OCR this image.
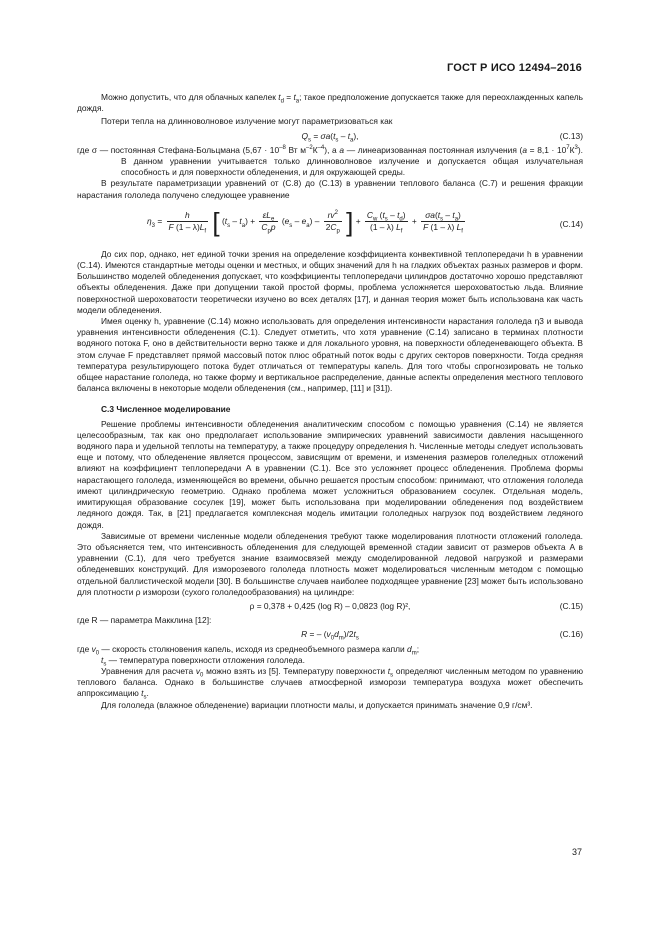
ГОСТ Р ИСО 12494–2016

Можно допустить, что для облачных капелек $t_d = t_a$; такое предположение допускается также для переохлажденных капель дождя.

Потери тепла на длинноволновое излучение могут параметризоваться как

$Q_s = \sigma a(t_s - t_a)$,	(C.13)

где σ — постоянная Стефана-Больцмана ($5,67 \cdot 10^{-8}$ Вт $м^{-2}К^{-4}$), а a — линеаризованная постоянная излучения $(a = 8,1 \cdot 10^7К^3)$. В данном уравнении учитывается только длинноволновое излучение и допускается общая излучательная способность и для поверхности обледенения, и для окружающей среды.

В результате параметризации уравнений от (C.8) до (C.13) в уравнении теплового баланса (C.7) и решения фракции нарастания гололеда получено следующее уравнение

$\eta_3 = \frac{h}{F (1 - \lambda)L_f}$ [ $(t_s - t_a) + \frac{\varepsilon L_e}{C_pp} (e_s - e_a) - \frac{rv^2}{2C_p}$ ] + $\frac{C_w (t_s - t_d)}{(1 - \lambda) L_f} + \frac{\sigma a(t_s - t_a)}{F (1 - \lambda) L_f}$	(C.14)

До сих пор, однако, нет единой точки зрения на определение коэффициента конвективной теплопередачи h в уравнении (C.14). Имеются стандартные методы оценки и местных, и общих значений для h на гладких объектах разных размеров и форм. Большинство моделей обледенения допускает, что коэффициенты теплопередачи цилиндров достаточно хорошо представляют объекты обледенения. Даже при допущении такой простой формы, проблема усложняется шероховатостью льда. Влияние поверхностной шероховатости теоретически изучено во всех деталях [17], и данная теория может быть использована как часть модели обледенения.

Имея оценку h, уравнение (C.14) можно использовать для определения интенсивности нарастания гололеда η3 и вывода уравнения интенсивности обледенения (C.1). Следует отметить, что хотя уравнение (C.14) записано в терминах плотности водяного потока F, оно в действительности верно также и для локального уровня, на поверхности обледеневающего объекта. В этом случае F представляет прямой массовый поток плюс обратный поток воды с других секторов поверхности. Тогда средняя температура результирующего потока будет отличаться от температуры капель. Для того чтобы спрогнозировать не только общее нарастание гололеда, но также форму и вертикальное распределение, данные аспекты определения местного теплового баланса включены в некоторые модели обледенения (см., например, [11] и [31]).

C.3 Численное моделирование

Решение проблемы интенсивности обледенения аналитическим способом с помощью уравнения (C.14) не является целесообразным, так как оно предполагает использование эмпирических уравнений зависимости давления насыщенного водяного пара и удельной теплоты на температуру, а также процедуру определения h. Численные методы следует использовать еще и потому, что обледенение является процессом, зависящим от времени, и изменения размеров голеледных отложений влияют на коэффициент теплопередачи A в уравнении (C.1). Все это усложняет процесс обледенения. Проблема формы нарастающего гололеда, изменяющейся во времени, обычно решается простым способом: принимают, что отложения гололеда имеют цилиндрическую геометрию. Однако проблема может усложниться образованием сосулек. Отдельная модель, имитирующая образование сосулек [19], может быть использована при моделировании обледенения под воздействием ледяного дождя. Так, в [21] предлагается комплексная модель имитации гололедных нагрузок под воздействием ледяного дождя.

Зависимые от времени численные модели обледенения требуют также моделирования плотности отложений гололеда. Это объясняется тем, что интенсивность обледенения для следующей временной стадии зависит от размеров объекта A в уравнении (C.1), для чего требуется знание взаимосвязей между смоделированной ледовой нагрузкой и размерами обледеневших конструкций. Для изморозевого гололеда плотность может моделироваться численным методом с помощью отдельной баллистической модели [30]. В большинстве случаев наиболее подходящее уравнение [23] может быть использовано для плотности ρ изморози (сухого гололедообразования) на цилиндре:

ρ = 0,378 + 0,425 (log R) – 0,0823 (log R)²,	(C.15)

где R — параметра Макклина [12]:

R = – $(v_0d_m)/2t_s$	(C.16)

где $v_0$ — скорость столкновения капель, исходя из среднеобъемного размера капли $d_m$;

$t_s$ — температура поверхности отложения гололеда.

Уравнения для расчета $v_0$ можно взять из [5]. Температуру поверхности $t_s$ определяют численным методом по уравнению теплового баланса. Однако в большинстве случаев атмосферной изморози температура воздуха может обеспечить аппроксимацию $t_s$.

Для гололеда (влажное обледенение) вариации плотности малы, и допускается принимать значение 0,9 г/см³.

37
